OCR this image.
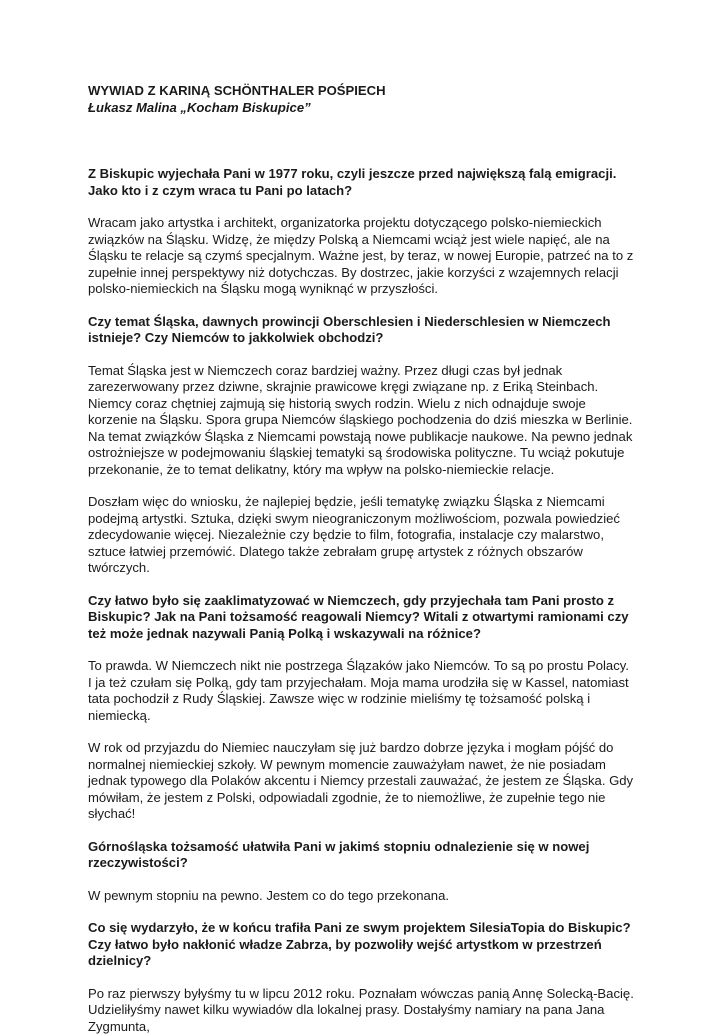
WYWIAD Z KARINĄ SCHÖNTHALER POŚPIECH

Łukasz Malina „Kocham Biskupice”

Z Biskupic wyjechała Pani w 1977 roku, czyli jeszcze przed największą falą emigracji. Jako kto i z czym wraca tu Pani po latach?

Wracam jako artystka i architekt, organizatorka projektu dotyczącego polsko-niemieckich związków na Śląsku. Widzę, że między Polską a Niemcami wciąż jest wiele napięć, ale na Śląsku te relacje są czymś specjalnym. Ważne jest, by teraz, w nowej Europie, patrzeć na to z zupełnie innej perspektywy niż dotychczas. By dostrzec, jakie korzyści z wzajemnych relacji polsko-niemieckich na Śląsku mogą wyniknąć w przyszłości.

Czy temat Śląska, dawnych prowincji Oberschlesien i Niederschlesien w Niemczech istnieje? Czy Niemców to jakkolwiek obchodzi?

Temat Śląska jest w Niemczech coraz bardziej ważny. Przez długi czas był jednak zarezerwowany przez dziwne, skrajnie prawicowe kręgi związane np. z Eriką Steinbach. Niemcy coraz chętniej zajmują się historią swych rodzin. Wielu z nich odnajduje swoje korzenie na Śląsku. Spora grupa Niemców śląskiego pochodzenia do dziś mieszka w Berlinie. Na temat związków Śląska z Niemcami powstają nowe publikacje naukowe. Na pewno jednak ostrożniejsze w podejmowaniu śląskiej tematyki są środowiska polityczne. Tu wciąż pokutuje przekonanie, że to temat delikatny, który ma wpływ na polsko-niemieckie relacje.

Doszłam więc do wniosku, że najlepiej będzie, jeśli tematykę związku Śląska z Niemcami podejmą artystki. Sztuka, dzięki swym nieograniczonym możliwościom, pozwala powiedzieć zdecydowanie więcej. Niezależnie czy będzie to film, fotografia, instalacje czy malarstwo, sztuce łatwiej przemówić. Dlatego także zebrałam grupę artystek z różnych obszarów twórczych.

Czy łatwo było się zaaklimatyzować w Niemczech, gdy przyjechała tam Pani prosto z Biskupic? Jak na Pani tożsamość reagowali Niemcy? Witali z otwartymi ramionami czy też może jednak nazywali Panią Polką i wskazywali na różnice?

To prawda. W Niemczech nikt nie postrzega Ślązaków jako Niemców. To są po prostu Polacy. I ja też czułam się Polką, gdy tam przyjechałam. Moja mama urodziła się w Kassel, natomiast tata pochodził z Rudy Śląskiej. Zawsze więc w rodzinie mieliśmy tę tożsamość polską i niemiecką.

W rok od przyjazdu do Niemiec nauczyłam się już bardzo dobrze języka i mogłam pójść do normalnej niemieckiej szkoły. W pewnym momencie zauważyłam nawet, że nie posiadam jednak typowego dla Polaków akcentu i Niemcy przestali zauważać, że jestem ze Śląska. Gdy mówiłam, że jestem z Polski, odpowiadali zgodnie, że to niemożliwe, że zupełnie tego nie słychać!

Górnośląska tożsamość ułatwiła Pani w jakimś stopniu odnalezienie się w nowej rzeczywistości?

W pewnym stopniu na pewno. Jestem co do tego przekonana.

Co się wydarzyło, że w końcu trafiła Pani ze swym projektem SilesiaTopia do Biskupic? Czy łatwo było nakłonić władze Zabrza, by pozwoliły wejść artystkom w przestrzeń dzielnicy?

Po raz pierwszy byłyśmy tu w lipcu 2012 roku. Poznałam wówczas panią Annę Solecką-Bacię. Udzieliłyśmy nawet kilku wywiadów dla lokalnej prasy. Dostałyśmy namiary na pana Jana Zygmunta,
